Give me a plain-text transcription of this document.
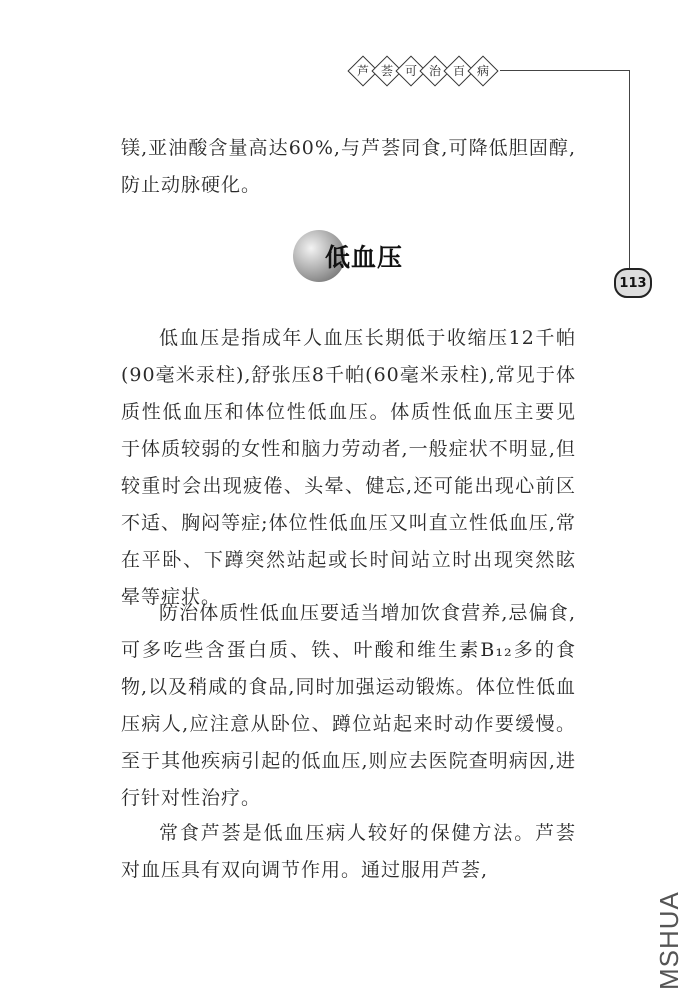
芦 荟 可 治 百 病
113

镁,亚油酸含量高达60%,与芦荟同食,可降低胆固醇,防止动脉硬化。

低血压

低血压是指成年人血压长期低于收缩压12千帕(90毫米汞柱),舒张压8千帕(60毫米汞柱),常见于体质性低血压和体位性低血压。体质性低血压主要见于体质较弱的女性和脑力劳动者,一般症状不明显,但较重时会出现疲倦、头晕、健忘,还可能出现心前区不适、胸闷等症;体位性低血压又叫直立性低血压,常在平卧、下蹲突然站起或长时间站立时出现突然眩晕等症状。

防治体质性低血压要适当增加饮食营养,忌偏食,可多吃些含蛋白质、铁、叶酸和维生素B₁₂多的食物,以及稍咸的食品,同时加强运动锻炼。体位性低血压病人,应注意从卧位、蹲位站起来时动作要缓慢。至于其他疾病引起的低血压,则应去医院查明病因,进行针对性治疗。

常食芦荟是低血压病人较好的保健方法。芦荟对血压具有双向调节作用。通过服用芦荟,

MSHUA
